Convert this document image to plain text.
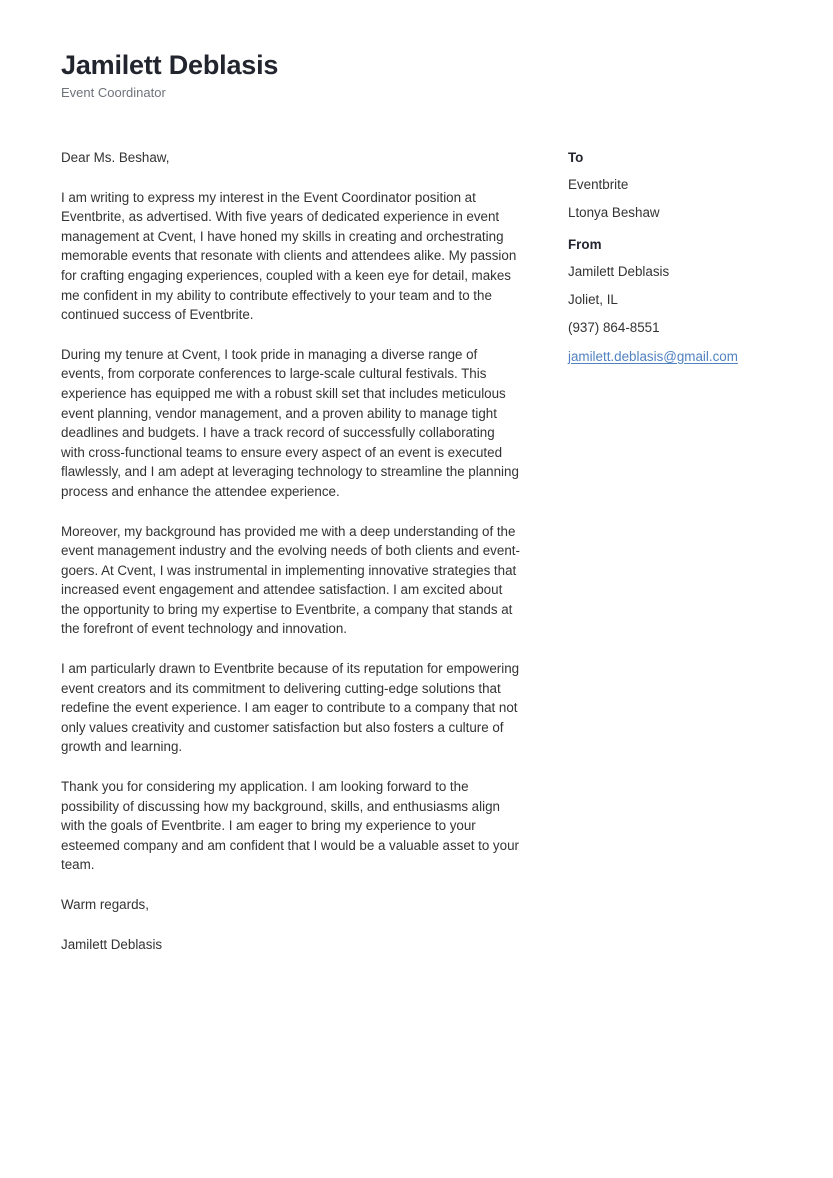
Jamilett Deblasis
Event Coordinator

Dear Ms. Beshaw,

I am writing to express my interest in the Event Coordinator position at Eventbrite, as advertised. With five years of dedicated experience in event management at Cvent, I have honed my skills in creating and orchestrating memorable events that resonate with clients and attendees alike. My passion for crafting engaging experiences, coupled with a keen eye for detail, makes me confident in my ability to contribute effectively to your team and to the continued success of Eventbrite.

During my tenure at Cvent, I took pride in managing a diverse range of events, from corporate conferences to large-scale cultural festivals. This experience has equipped me with a robust skill set that includes meticulous event planning, vendor management, and a proven ability to manage tight deadlines and budgets. I have a track record of successfully collaborating with cross-functional teams to ensure every aspect of an event is executed flawlessly, and I am adept at leveraging technology to streamline the planning process and enhance the attendee experience.

Moreover, my background has provided me with a deep understanding of the event management industry and the evolving needs of both clients and event-goers. At Cvent, I was instrumental in implementing innovative strategies that increased event engagement and attendee satisfaction. I am excited about the opportunity to bring my expertise to Eventbrite, a company that stands at the forefront of event technology and innovation.

I am particularly drawn to Eventbrite because of its reputation for empowering event creators and its commitment to delivering cutting-edge solutions that redefine the event experience. I am eager to contribute to a company that not only values creativity and customer satisfaction but also fosters a culture of growth and learning.

Thank you for considering my application. I am looking forward to the possibility of discussing how my background, skills, and enthusiasms align with the goals of Eventbrite. I am eager to bring my experience to your esteemed company and am confident that I would be a valuable asset to your team.

Warm regards,

Jamilett Deblasis

To
Eventbrite
Ltonya Beshaw
From
Jamilett Deblasis
Joliet, IL
(937) 864-8551
jamilett.deblasis@gmail.com
